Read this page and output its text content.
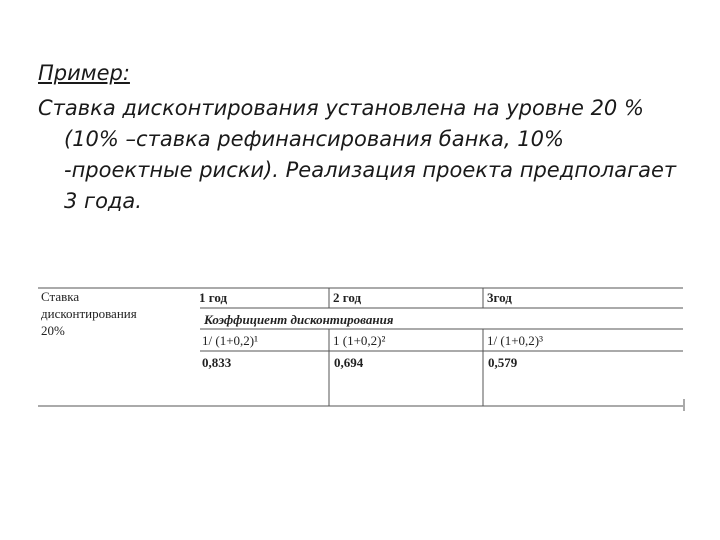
Пример:

Ставка дисконтирования установлена на уровне 20 % (10% –ставка рефинансирования банка, 10% -проектные риски). Реализация проекта предполагает 3 года.

Ставка
дисконтирования
20%
1 год	2 год	3год
Коэффициент дисконтирования
1/ (1+0,2)¹	1 (1+0,2)²	1/ (1+0,2)³
0,833	0,694	0,579
